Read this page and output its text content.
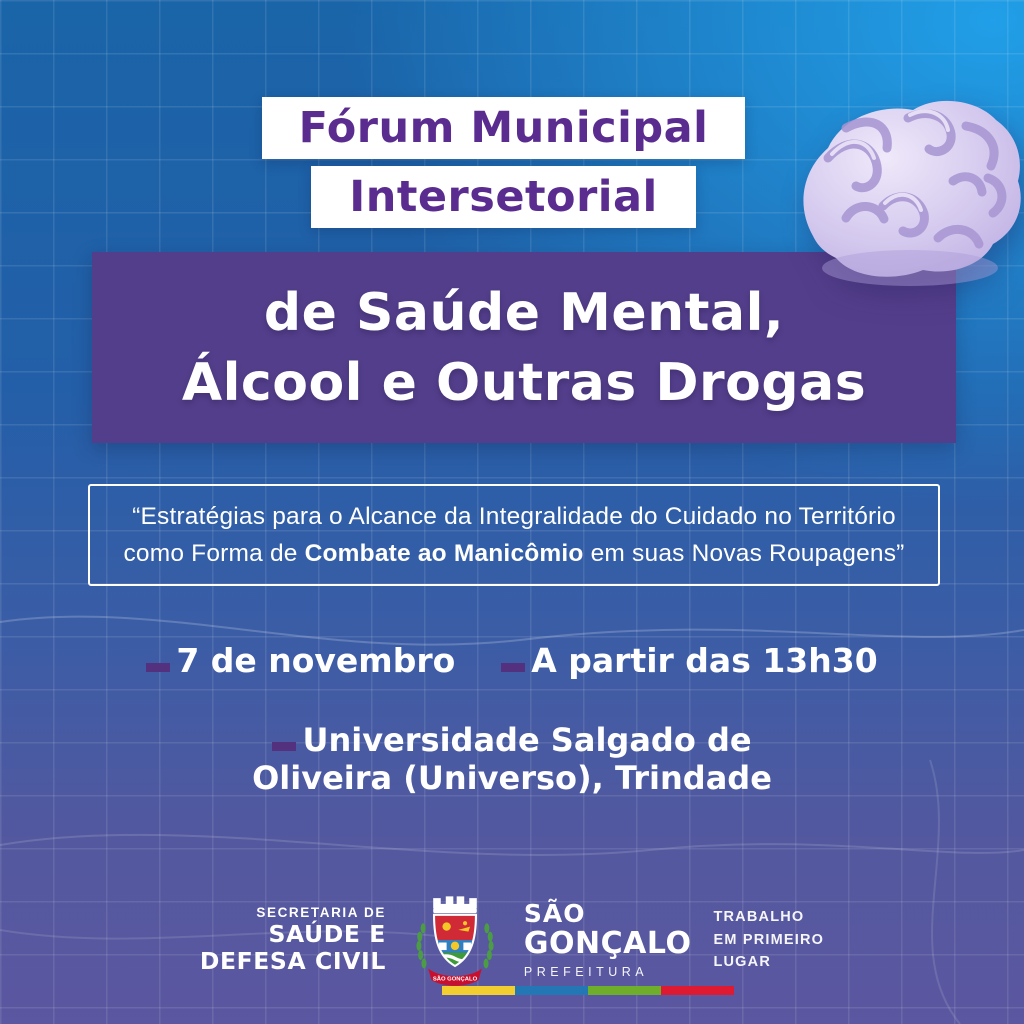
Fórum Municipal
Intersetorial
de Saúde Mental,
Álcool e Outras Drogas
“Estratégias para o Alcance da Integralidade do Cuidado no Território
como Forma de Combate ao Manicômio em suas Novas Roupagens”
7 de novembro A partir das 13h30
Universidade Salgado de
Oliveira (Universo), Trindade
SECRETARIA DE
SAÚDE E
DEFESA CIVIL
SÃO GONÇALO
SÃO
GONÇALO
PREFEITURA
TRABALHO
EM PRIMEIRO
LUGAR
